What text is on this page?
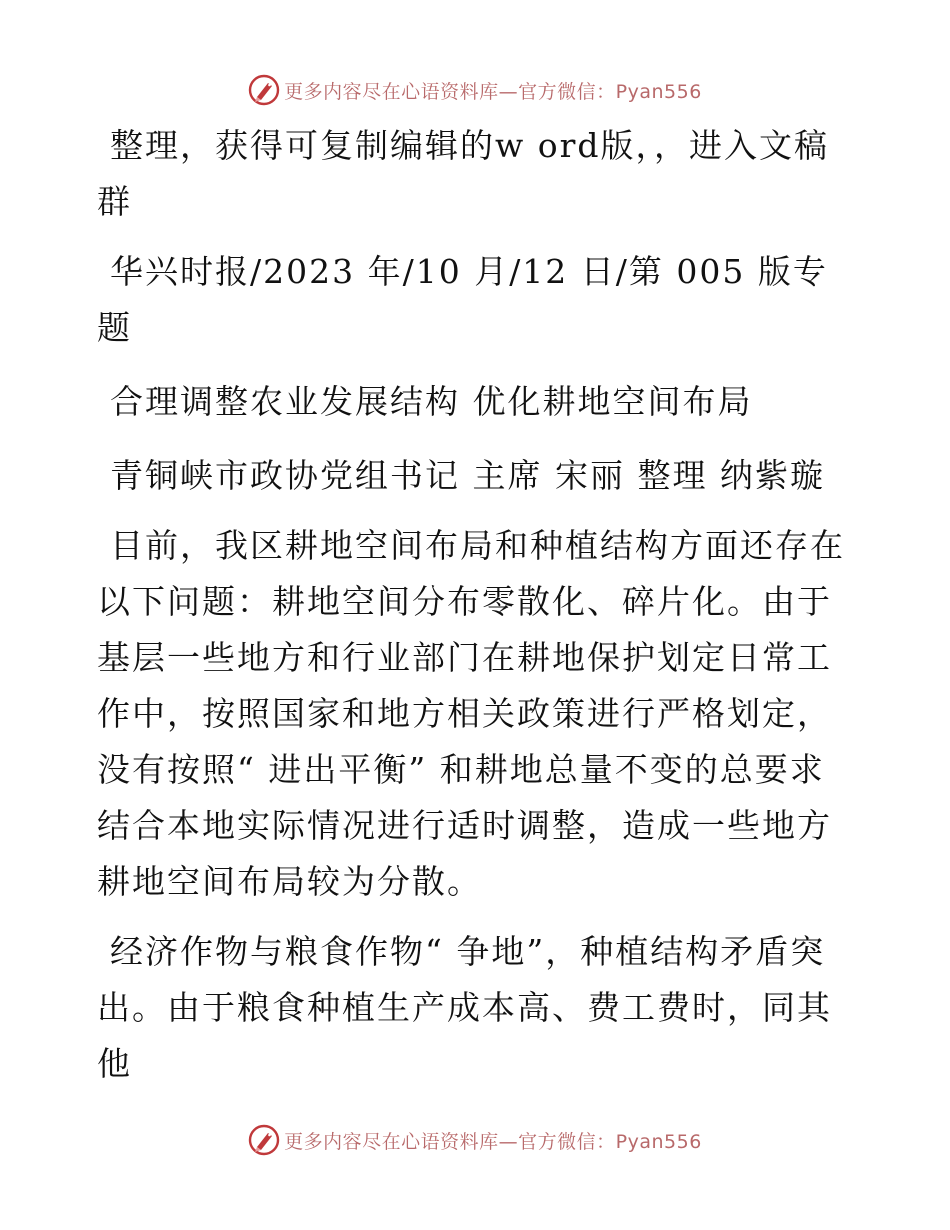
更多内容尽在心语资料库—官方微信：Pyan556

整理，获得可复制编辑的w ord版，，进入文稿群

华兴时报/2023 年/10 月/12 日/第 005 版专题

合理调整农业发展结构 优化耕地空间布局

青铜峡市政协党组书记 主席 宋丽 整理 纳紫璇

目前，我区耕地空间布局和种植结构方面还存在以下问题：耕地空间分布零散化、碎片化。由于基层一些地方和行业部门在耕地保护划定日常工作中，按照国家和地方相关政策进行严格划定，没有按照“ 进出平衡” 和耕地总量不变的总要求结合本地实际情况进行适时调整，造成一些地方耕地空间布局较为分散。

经济作物与粮食作物“ 争地”，种植结构矛盾突出。由于粮食种植生产成本高、费工费时，同其他

更多内容尽在心语资料库—官方微信：Pyan556
